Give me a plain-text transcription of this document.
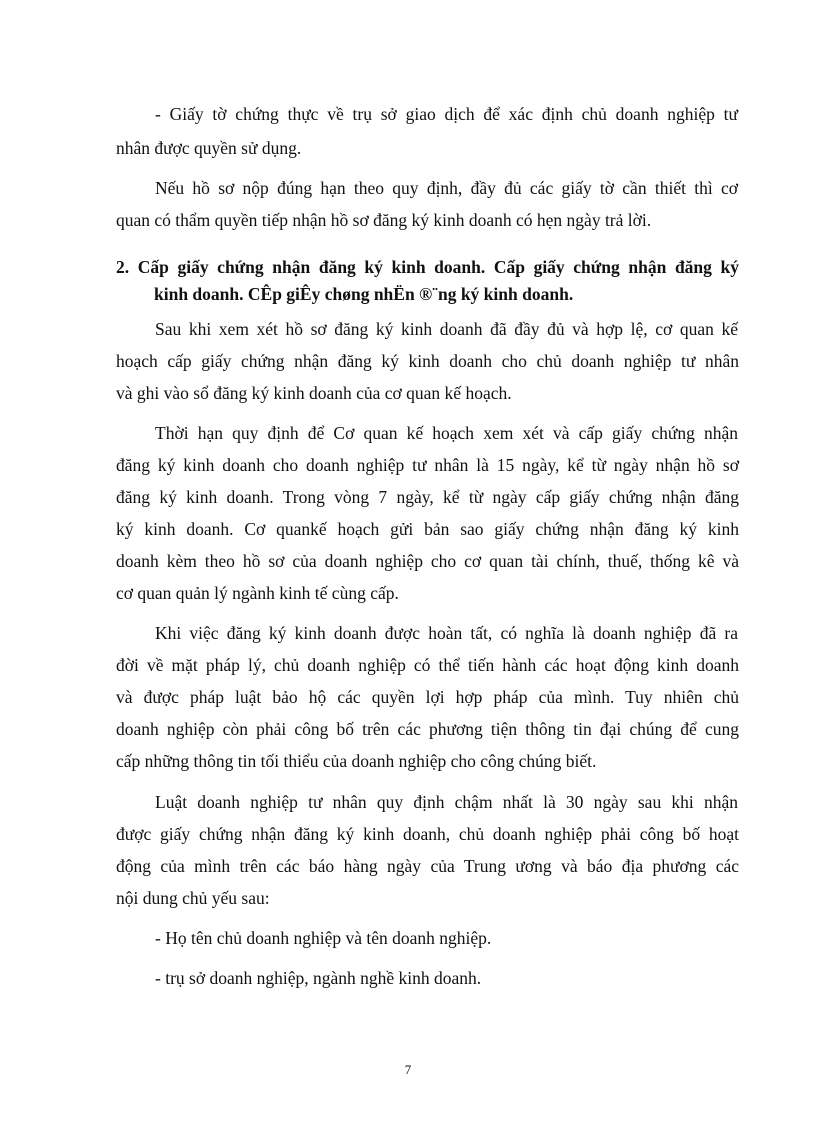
- Giấy tờ chứng thực về trụ sở giao dịch để xác định chủ doanh nghiệp tư
nhân được quyền sử dụng.
Nếu hồ sơ nộp đúng hạn theo quy định, đầy đủ các giấy tờ cần thiết thì cơ
quan có thẩm quyền tiếp nhận hồ sơ đăng ký kinh doanh có hẹn ngày trả lời.
2. Cấp giấy chứng nhận đăng ký kinh doanh. Cấp giấy chứng nhận đăng ký
kinh doanh. CÊp giÊy chøng nhËn ®¨ng ký kinh doanh.
Sau khi xem xét hồ sơ đăng ký kinh doanh đã đầy đủ và hợp lệ, cơ quan kế
hoạch cấp giấy chứng nhận đăng ký kinh doanh cho chủ doanh nghiệp tư nhân
và ghi vào sổ đăng ký kinh doanh của cơ quan kế hoạch.
Thời hạn quy định để Cơ quan kế hoạch xem xét và cấp giấy chứng nhận
đăng ký kinh doanh cho doanh nghiệp tư nhân là 15 ngày, kể từ ngày nhận hồ sơ
đăng ký kinh doanh. Trong vòng 7 ngày, kể từ ngày cấp giấy chứng nhận đăng
ký kinh doanh. Cơ quankế hoạch gửi bản sao giấy chứng nhận đăng ký kinh
doanh kèm theo hồ sơ của doanh nghiệp cho cơ quan tài chính, thuế, thống kê và
cơ quan quản lý ngành kinh tế cùng cấp.
Khi việc đăng ký kinh doanh được hoàn tất, có nghĩa là doanh nghiệp đã ra
đời về mặt pháp lý, chủ doanh nghiệp có thể tiến hành các hoạt động kinh doanh
và được pháp luật bảo hộ các quyền lợi hợp pháp của mình. Tuy nhiên chủ
doanh nghiệp còn phải công bố trên các phương tiện thông tin đại chúng để cung
cấp những thông tin tối thiểu của doanh nghiệp cho công chúng biết.
Luật doanh nghiệp tư nhân quy định chậm nhất là 30 ngày sau khi nhận
được giấy chứng nhận đăng ký kinh doanh, chủ doanh nghiệp phải công bố hoạt
động của mình trên các báo hàng ngày của Trung ương và báo địa phương các
nội dung chủ yếu sau:
- Họ tên chủ doanh nghiệp và tên doanh nghiệp.
- trụ sở doanh nghiệp, ngành nghề kinh doanh.
7
